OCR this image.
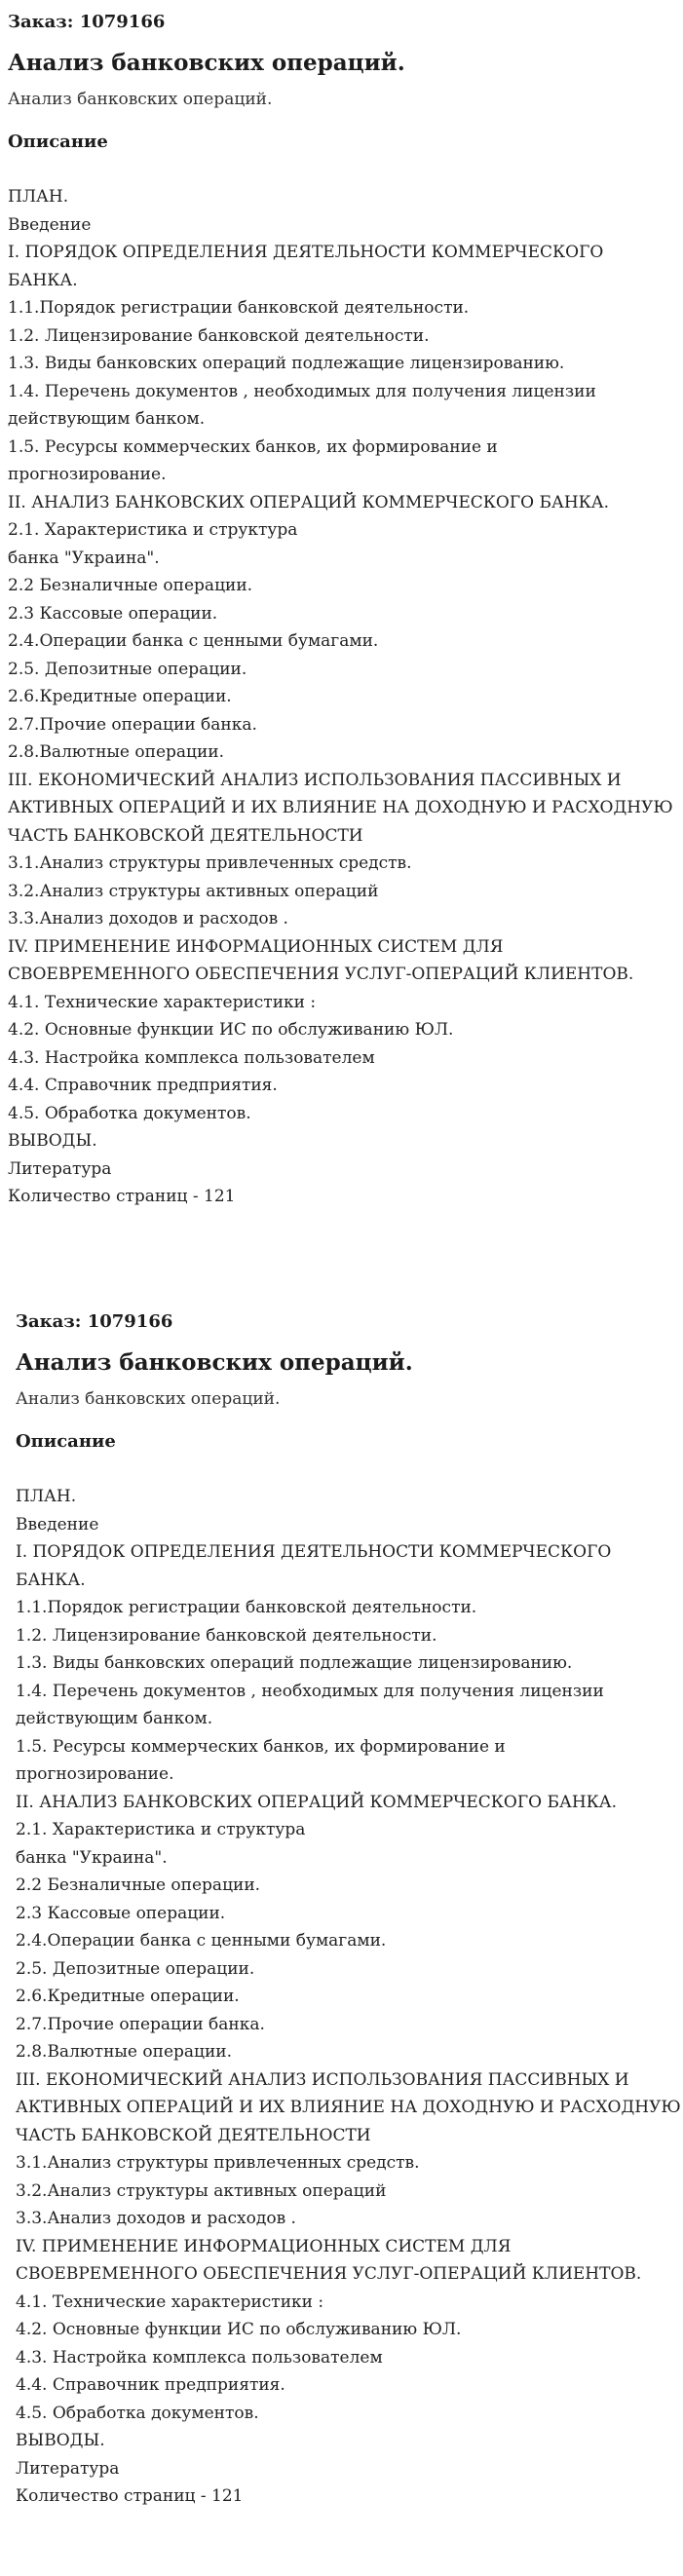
Заказ: 1079166
Анализ банковских операций.
Анализ банковских операций.
Описание
ПЛАН.
Введение
I. ПОРЯДОК ОПРЕДЕЛЕНИЯ ДЕЯТЕЛЬНОСТИ КОММЕРЧЕСКОГО
БАНКА.
1.1.Порядок регистрации банковской деятельности.
1.2. Лицензирование банковской деятельности.
1.3. Виды банковских операций подлежащие лицензированию.
1.4. Перечень документов , необходимых для получения лицензии
действующим банком.
1.5. Ресурсы коммерческих банков, их формирование и
прогнозирование.
II. АНАЛИЗ БАНКОВСКИХ ОПЕРАЦИЙ КОММЕРЧЕСКОГО БАНКА.
2.1. Характеристика и структура
банка "Украина".
2.2 Безналичные операции.
2.3 Кассовые операции.
2.4.Операции банка с ценными бумагами.
2.5. Депозитные операции.
2.6.Кредитные операции.
2.7.Прочие операции банка.
2.8.Валютные операции.
III. ЕКОНОМИЧЕСКИЙ АНАЛИЗ ИСПОЛЬЗОВАНИЯ ПАССИВНЫХ И
АКТИВНЫХ ОПЕРАЦИЙ И ИХ ВЛИЯНИЕ НА ДОХОДНУЮ И РАСХОДНУЮ
ЧАСТЬ БАНКОВСКОЙ ДЕЯТЕЛЬНОСТИ
3.1.Анализ структуры привлеченных средств.
3.2.Анализ структуры активных операций
3.3.Анализ доходов и расходов .
IV. ПРИМЕНЕНИЕ ИНФОРМАЦИОННЫХ СИСТЕМ ДЛЯ
СВОЕВРЕМЕННОГО ОБЕСПЕЧЕНИЯ УСЛУГ-ОПЕРАЦИЙ КЛИЕНТОВ.
4.1. Технические характеристики :
4.2. Основные функции ИС по обслуживанию ЮЛ.
4.3. Настройка комплекса пользователем
4.4. Справочник предприятия.
4.5. Обработка документов.
ВЫВОДЫ.
Литература
Количество страниц - 121
Заказ: 1079166
Анализ банковских операций.
Анализ банковских операций.
Описание
ПЛАН.
Введение
I. ПОРЯДОК ОПРЕДЕЛЕНИЯ ДЕЯТЕЛЬНОСТИ КОММЕРЧЕСКОГО
БАНКА.
1.1.Порядок регистрации банковской деятельности.
1.2. Лицензирование банковской деятельности.
1.3. Виды банковских операций подлежащие лицензированию.
1.4. Перечень документов , необходимых для получения лицензии
действующим банком.
1.5. Ресурсы коммерческих банков, их формирование и
прогнозирование.
II. АНАЛИЗ БАНКОВСКИХ ОПЕРАЦИЙ КОММЕРЧЕСКОГО БАНКА.
2.1. Характеристика и структура
банка "Украина".
2.2 Безналичные операции.
2.3 Кассовые операции.
2.4.Операции банка с ценными бумагами.
2.5. Депозитные операции.
2.6.Кредитные операции.
2.7.Прочие операции банка.
2.8.Валютные операции.
III. ЕКОНОМИЧЕСКИЙ АНАЛИЗ ИСПОЛЬЗОВАНИЯ ПАССИВНЫХ И
АКТИВНЫХ ОПЕРАЦИЙ И ИХ ВЛИЯНИЕ НА ДОХОДНУЮ И РАСХОДНУЮ
ЧАСТЬ БАНКОВСКОЙ ДЕЯТЕЛЬНОСТИ
3.1.Анализ структуры привлеченных средств.
3.2.Анализ структуры активных операций
3.3.Анализ доходов и расходов .
IV. ПРИМЕНЕНИЕ ИНФОРМАЦИОННЫХ СИСТЕМ ДЛЯ
СВОЕВРЕМЕННОГО ОБЕСПЕЧЕНИЯ УСЛУГ-ОПЕРАЦИЙ КЛИЕНТОВ.
4.1. Технические характеристики :
4.2. Основные функции ИС по обслуживанию ЮЛ.
4.3. Настройка комплекса пользователем
4.4. Справочник предприятия.
4.5. Обработка документов.
ВЫВОДЫ.
Литература
Количество страниц - 121
